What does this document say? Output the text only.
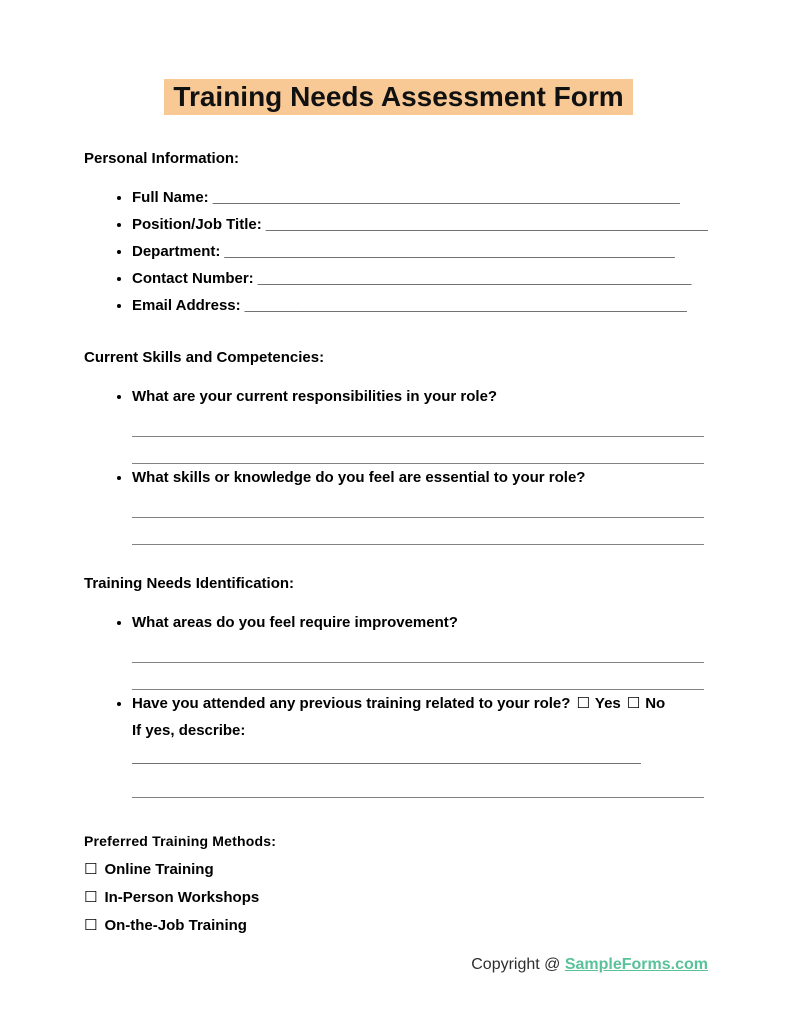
Training Needs Assessment Form
Personal Information:
• Full Name: ________________________________________________________
• Position/Job Title: _____________________________________________________
• Department: ______________________________________________________
• Contact Number: ____________________________________________________
• Email Address: _____________________________________________________
Current Skills and Competencies:
• What are your current responsibilities in your role?
• What skills or knowledge do you feel are essential to your role?
Training Needs Identification:
• What areas do you feel require improvement?
• Have you attended any previous training related to your role? ☐ Yes ☐ No
If yes, describe:
_____________________________________________________________
Preferred Training Methods:
☐ Online Training
☐ In-Person Workshops
☐ On-the-Job Training
Copyright @ SampleForms.com
